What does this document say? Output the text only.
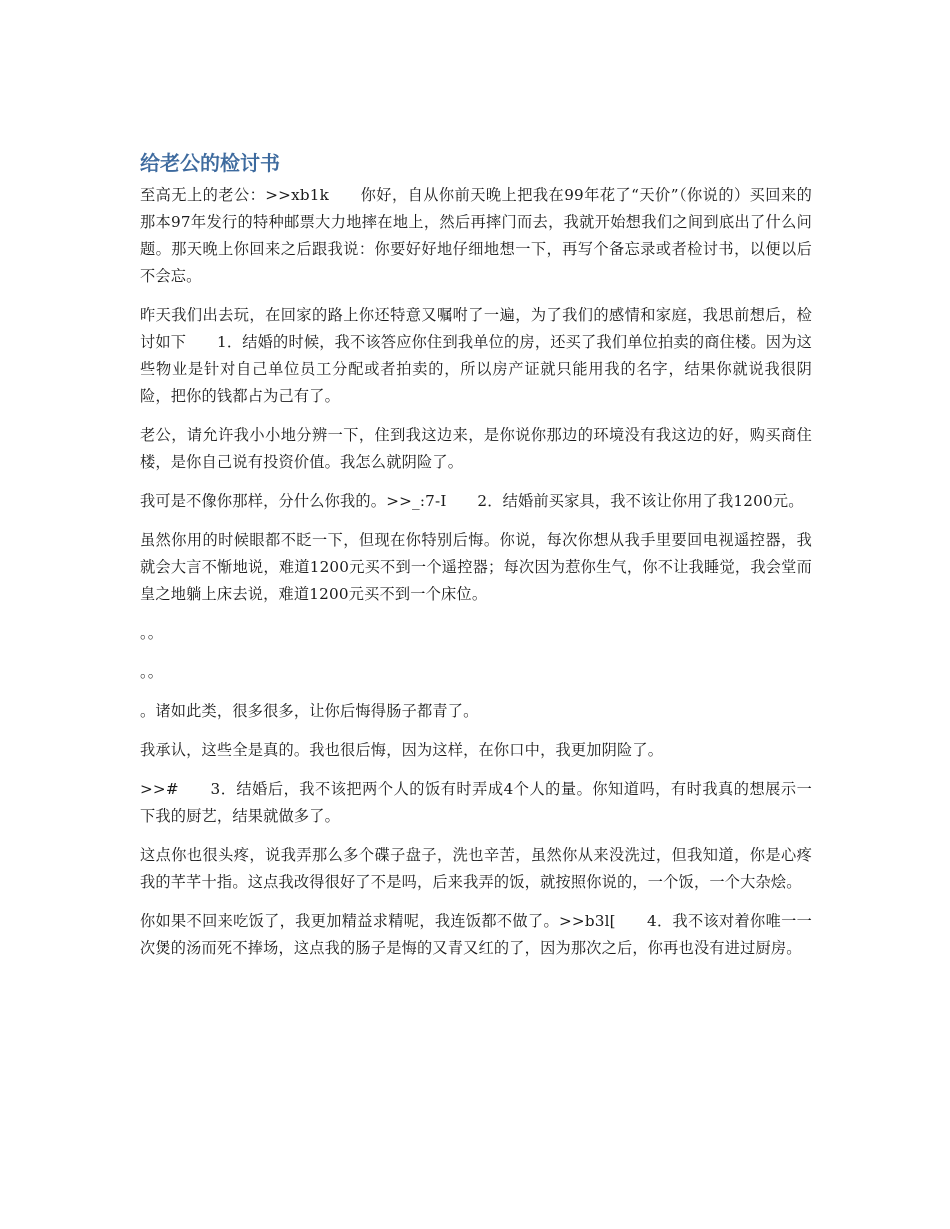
给老公的检讨书

至高无上的老公：>>xb1k　　你好，自从你前天晚上把我在99年花了“天价”（你说的）买回来的那本97年发行的特种邮票大力地摔在地上，然后再摔门而去，我就开始想我们之间到底出了什么问题。那天晚上你回来之后跟我说：你要好好地仔细地想一下，再写个备忘录或者检讨书，以便以后不会忘。

昨天我们出去玩，在回家的路上你还特意又嘱咐了一遍，为了我们的感情和家庭，我思前想后，检讨如下　　1．结婚的时候，我不该答应你住到我单位的房，还买了我们单位拍卖的商住楼。因为这些物业是针对自己单位员工分配或者拍卖的，所以房产证就只能用我的名字，结果你就说我很阴险，把你的钱都占为己有了。

老公，请允许我小小地分辨一下，住到我这边来，是你说你那边的环境没有我这边的好，购买商住楼，是你自己说有投资价值。我怎么就阴险了。

我可是不像你那样，分什么你我的。>>_:7-I　　2．结婚前买家具，我不该让你用了我1200元。

虽然你用的时候眼都不眨一下，但现在你特别后悔。你说，每次你想从我手里要回电视遥控器，我就会大言不惭地说，难道1200元买不到一个遥控器；每次因为惹你生气，你不让我睡觉，我会堂而皇之地躺上床去说，难道1200元买不到一个床位。

。。

。。

。诸如此类，很多很多，让你后悔得肠子都青了。

我承认，这些全是真的。我也很后悔，因为这样，在你口中，我更加阴险了。

>>#　　3．结婚后，我不该把两个人的饭有时弄成4个人的量。你知道吗，有时我真的想展示一下我的厨艺，结果就做多了。

这点你也很头疼，说我弄那么多个碟子盘子，洗也辛苦，虽然你从来没洗过，但我知道，你是心疼我的芊芊十指。这点我改得很好了不是吗，后来我弄的饭，就按照你说的，一个饭，一个大杂烩。

你如果不回来吃饭了，我更加精益求精呢，我连饭都不做了。>>b3l[　　4．我不该对着你唯一一次煲的汤而死不捧场，这点我的肠子是悔的又青又红的了，因为那次之后，你再也没有进过厨房。
